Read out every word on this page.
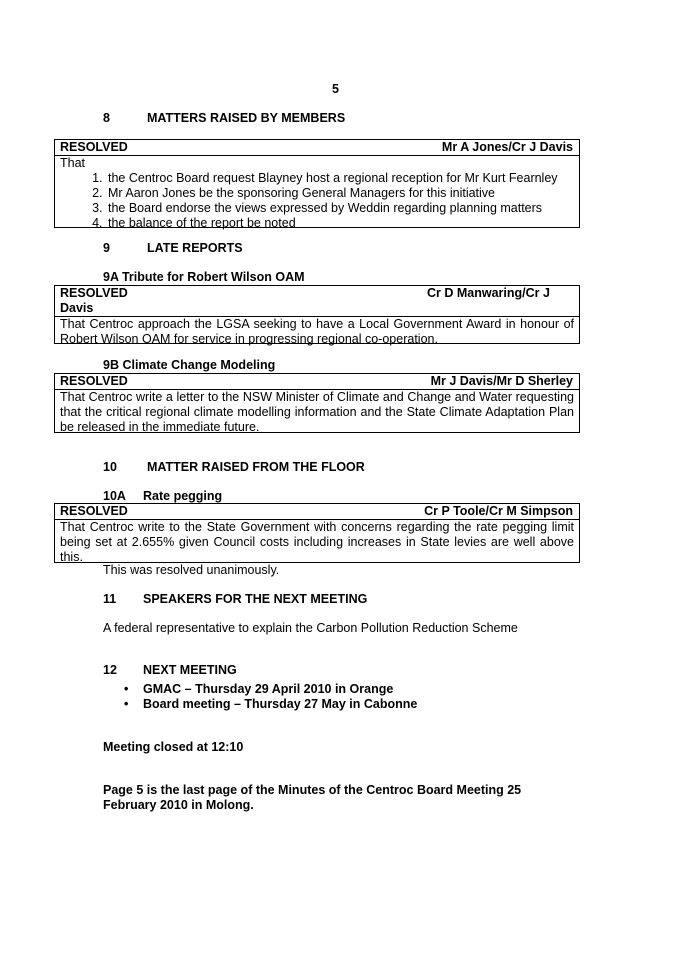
5
8	MATTERS RAISED BY MEMBERS
RESOLVED	Mr A Jones/Cr J Davis
That
1. the Centroc Board request Blayney host a regional reception for Mr Kurt Fearnley
2. Mr Aaron Jones be the sponsoring General Managers for this initiative
3. the Board endorse the views expressed by Weddin regarding planning matters
4. the balance of the report be noted
9	LATE REPORTS
9A Tribute for Robert Wilson OAM
RESOLVED	Cr D Manwaring/Cr J
Davis
That Centroc approach the LGSA seeking to have a Local Government Award in honour of Robert Wilson OAM for service in progressing regional co-operation.
9B Climate Change Modeling
RESOLVED	Mr J Davis/Mr D Sherley
That Centroc write a letter to the NSW Minister of Climate and Change and Water requesting that the critical regional climate modelling information and the State Climate Adaptation Plan be released in the immediate future.
10 MATTER RAISED FROM THE FLOOR
10A Rate pegging
RESOLVED	Cr P Toole/Cr M Simpson
That Centroc write to the State Government with concerns regarding the rate pegging limit being set at 2.655% given Council costs including increases in State levies are well above this.
This was resolved unanimously.
11 SPEAKERS FOR THE NEXT MEETING
A federal representative to explain the Carbon Pollution Reduction Scheme
12 NEXT MEETING
• GMAC – Thursday 29 April 2010 in Orange
• Board meeting – Thursday 27 May in Cabonne
Meeting closed at 12:10
Page 5 is the last page of the Minutes of the Centroc Board Meeting 25 February 2010 in Molong.
